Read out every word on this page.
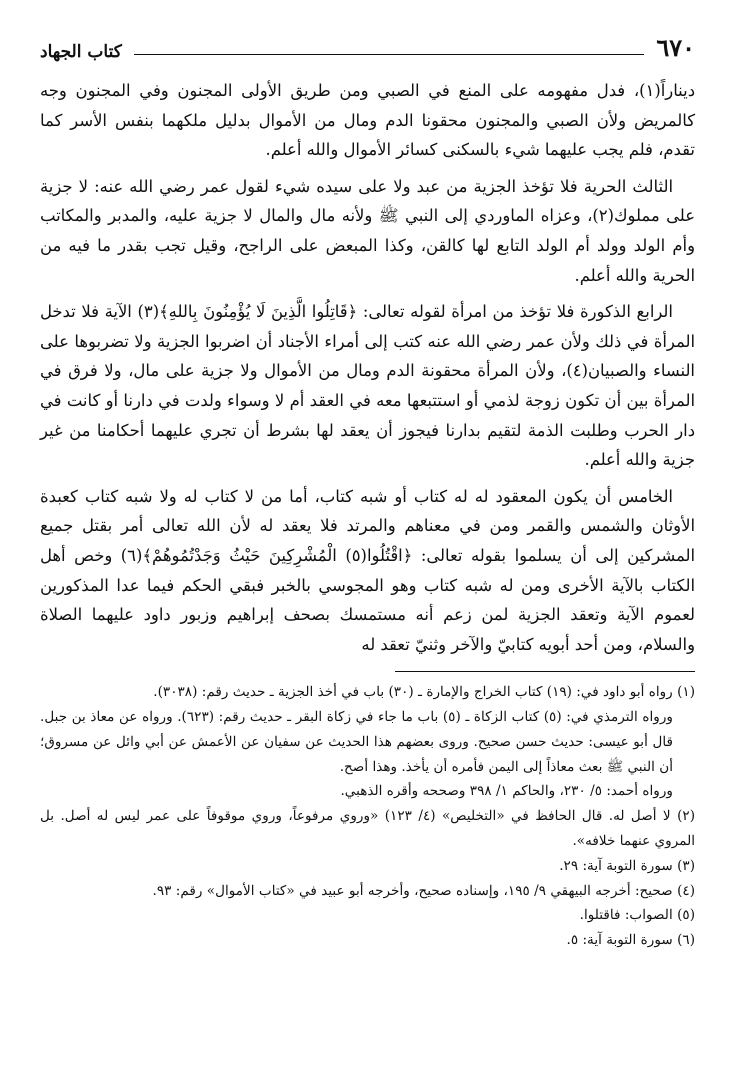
٦٧٠
كتاب الجهاد

ديناراً(١)، فدل مفهومه على المنع في الصبي ومن طريق الأولى المجنون وفي المجنون وجه كالمريض ولأن الصبي والمجنون محقونا الدم ومال من الأموال بدليل ملكهما بنفس الأسر كما تقدم، فلم يجب عليهما شيء بالسكنى كسائر الأموال والله أعلم.

الثالث الحرية فلا تؤخذ الجزية من عبد ولا على سيده شيء لقول عمر رضي الله عنه: لا جزية على مملوك(٢)، وعزاه الماوردي إلى النبي ﷺ ولأنه مال والمال لا جزية عليه، والمدبر والمكاتب وأم الولد وولد أم الولد التابع لها كالقن، وكذا المبعض على الراجح، وقيل تجب بقدر ما فيه من الحرية والله أعلم.

الرابع الذكورة فلا تؤخذ من امرأة لقوله تعالى: ﴿قَاتِلُوا الَّذِينَ لَا يُؤْمِنُونَ بِاللهِ﴾(٣) الآية فلا تدخل المرأة في ذلك ولأن عمر رضي الله عنه كتب إلى أمراء الأجناد أن اضربوا الجزية ولا تضربوها على النساء والصبيان(٤)، ولأن المرأة محقونة الدم ومال من الأموال ولا جزية على مال، ولا فرق في المرأة بين أن تكون زوجة لذمي أو استتبعها معه في العقد أم لا وسواء ولدت في دارنا أو كانت في دار الحرب وطلبت الذمة لتقيم بدارنا فيجوز أن يعقد لها بشرط أن تجري عليهما أحكامنا من غير جزية والله أعلم.

الخامس أن يكون المعقود له له كتاب أو شبه كتاب، أما من لا كتاب له ولا شبه كتاب كعبدة الأوثان والشمس والقمر ومن في معناهم والمرتد فلا يعقد له لأن الله تعالى أمر بقتل جميع المشركين إلى أن يسلموا بقوله تعالى: ﴿اقْتُلُوا(٥) الْمُشْرِكِينَ حَيْثُ وَجَدْتُمُوهُمْ﴾(٦) وخص أهل الكتاب بالآية الأخرى ومن له شبه كتاب وهو المجوسي بالخبر فبقي الحكم فيما عدا المذكورين لعموم الآية وتعقد الجزية لمن زعم أنه مستمسك بصحف إبراهيم وزبور داود عليهما الصلاة والسلام، ومن أحد أبويه كتابيّ والآخر وثنيّ تعقد له

(١) رواه أبو داود في: (١٩) كتاب الخراج والإمارة ـ (٣٠) باب في أخذ الجزية ـ حديث رقم: (٣٠٣٨).
ورواه الترمذي في: (٥) كتاب الزكاة ـ (٥) باب ما جاء في زكاة البقر ـ حديث رقم: (٦٢٣). ورواه عن معاذ بن جبل. قال أبو عيسى: حديث حسن صحيح. وروى بعضهم هذا الحديث عن سفيان عن الأعمش عن أبي وائل عن مسروق؛ أن النبي ﷺ بعث معاذاً إلى اليمن فأمره أن يأخذ. وهذا أصح.
ورواه أحمد: ٥/ ٢٣٠، والحاكم ١/ ٣٩٨ وصححه وأقره الذهبي.
(٢) لا أصل له. قال الحافظ في «التخليص» (٤/ ١٢٣) «وروي مرفوعاً، وروي موقوفاً على عمر ليس له أصل. بل المروي عنهما خلافه».
(٣) سورة التوبة آية: ٢٩.
(٤) صحيح: أخرجه البيهقي ٩/ ١٩٥، وإسناده صحيح، وأخرجه أبو عبيد في «كتاب الأموال» رقم: ٩٣.
(٥) الصواب: فاقتلوا.
(٦) سورة التوبة آية: ٥.
